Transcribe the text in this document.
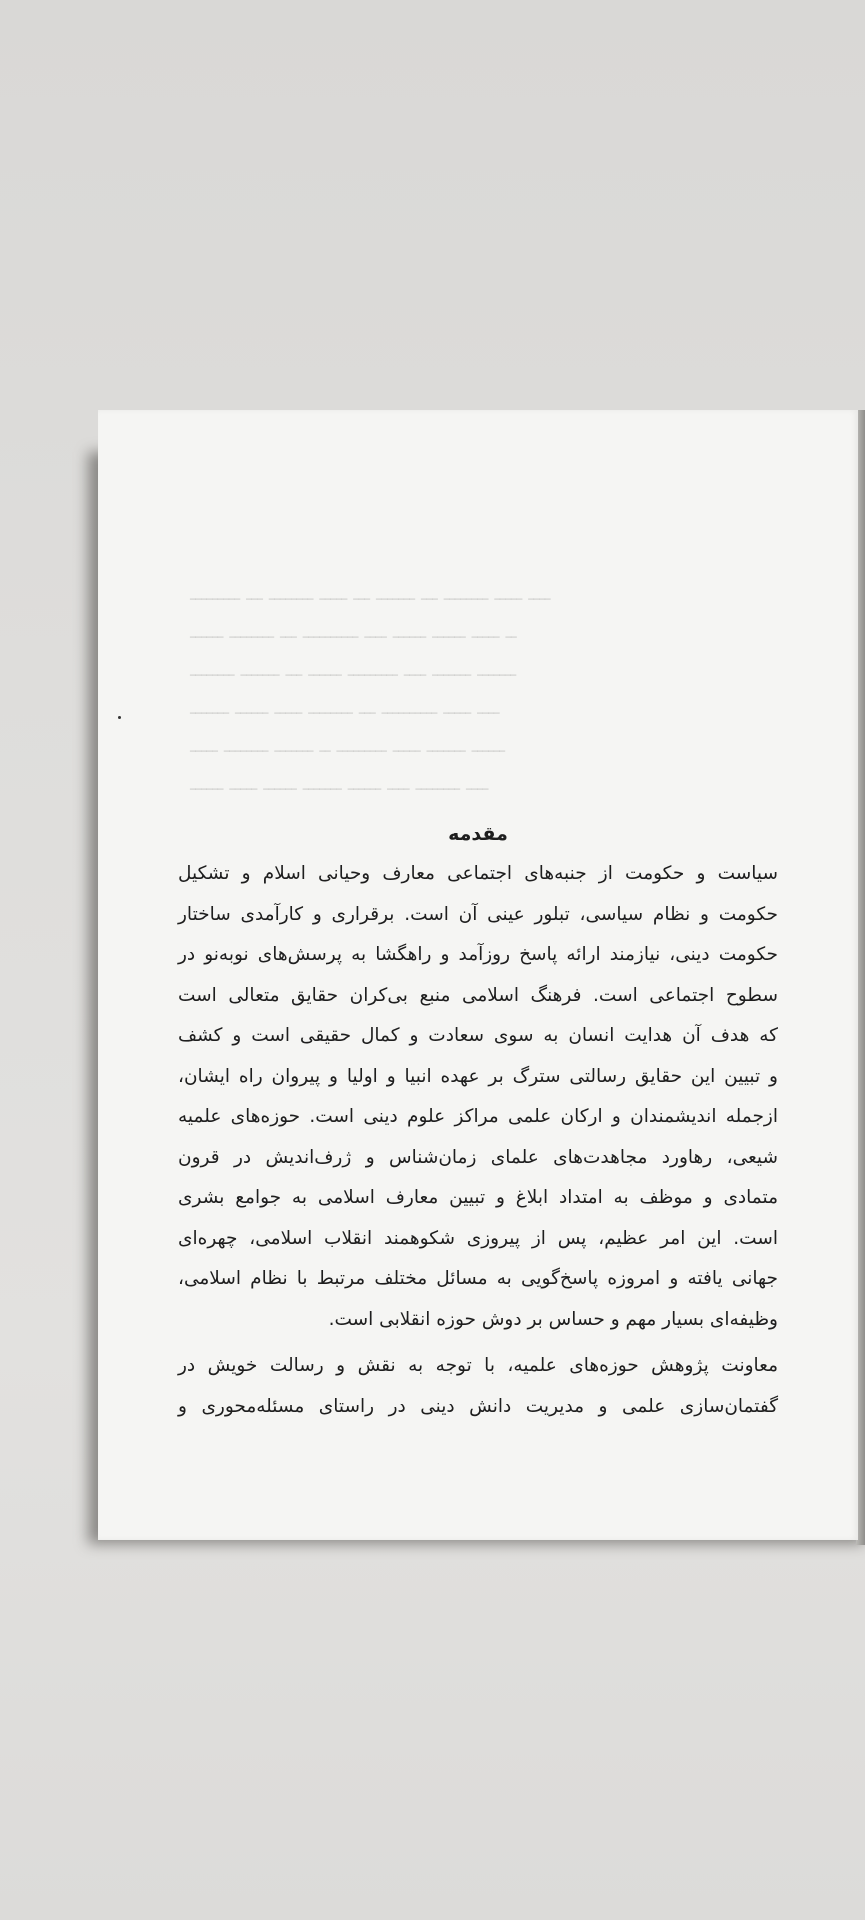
ـــــــــ ـــ ــــــــ ـــــ ـــ ـــــــ ـــ ــــــــ ـــــ ــــ

ــــــ ــــــــ ـــ ــــــــــ ــــ ــــــ ــــــ ـــــ ــ

ــــــــ ـــــــ ـــ ــــــ ـــــــــ ــــ ـــــــ ـــــــ

ـــــــ ــــــ ـــــ ــــــــ ـــ ــــــــــ ـــــ ــــ

ـــــ ــــــــ ـــــــ ــ ـــــــــ ـــــ ـــــــ ــــــ

ــــــ ـــــ ــــــ ـــــــ ــــــ ــــ ــــــــ ــــ

مقدمه

سیاست و حکومت از جنبه‌های اجتماعی معارف وحیانی اسلام و تشکیل
حکومت و نظام سیاسی، تبلور عینی آن است. برقراری و کارآمدی ساختار
حکومت دینی، نیازمند ارائه پاسخ روزآمد و راهگشا به پرسش‌های نوبه‌نو در
سطوح اجتماعی است. فرهنگ اسلامی منبع بی‌کران حقایق متعالی است
که هدف آن هدایت انسان به سوی سعادت و کمال حقیقی است و کشف
و تبیین این حقایق رسالتی سترگ بر عهده انبیا و اولیا و پیروان راه ایشان،
ازجمله اندیشمندان و ارکان علمی مراکز علوم دینی است. حوزه‌های علمیه
شیعی، رهاورد مجاهدت‌های علمای زمان‌شناس و ژرف‌اندیش در قرون
متمادی و موظف به امتداد ابلاغ و تبیین معارف اسلامی به جوامع بشری
است. این امر عظیم، پس از پیروزی شکوهمند انقلاب اسلامی، چهره‌ای
جهانی یافته و امروزه پاسخ‌گویی به مسائل مختلف مرتبط با نظام اسلامی،
وظیفه‌ای بسیار مهم و حساس بر دوش حوزه انقلابی است.

معاونت پژوهش حوزه‌های علمیه، با توجه به نقش و رسالت خویش در
گفتمان‌سازی علمی و مدیریت دانش دینی در راستای مسئله‌محوری و
